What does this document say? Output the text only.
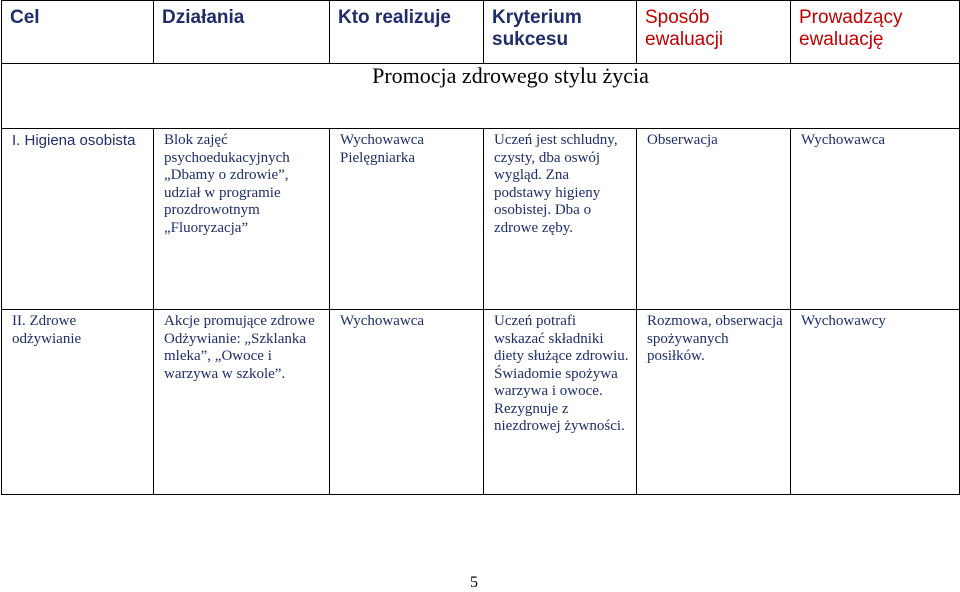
Cel	Działania	Kto realizuje	Kryterium sukcesu	Sposób ewaluacji	Prowadzący ewaluację

Promocja zdrowego stylu życia					

I. Higiena osobista	Blok zajęć psychoedukacyjnych „Dbamy o zdrowie”, udział w programie prozdrowotnym „Fluoryzacja”	Wychowawca Pielęgniarka	Uczeń jest schludny, czysty, dba oswój wygląd. Zna podstawy higieny osobistej. Dba o zdrowe zęby.	Obserwacja	Wychowawca

II. Zdrowe odżywianie	Akcje promujące zdrowe Odżywianie: „Szklanka mleka”, „Owoce i warzywa w szkole”.	Wychowawca	Uczeń potrafi wskazać składniki diety służące zdrowiu. Świadomie spożywa warzywa i owoce. Rezygnuje z niezdrowej żywności.	Rozmowa, obserwacja spożywanych posiłków.	Wychowawcy
5
